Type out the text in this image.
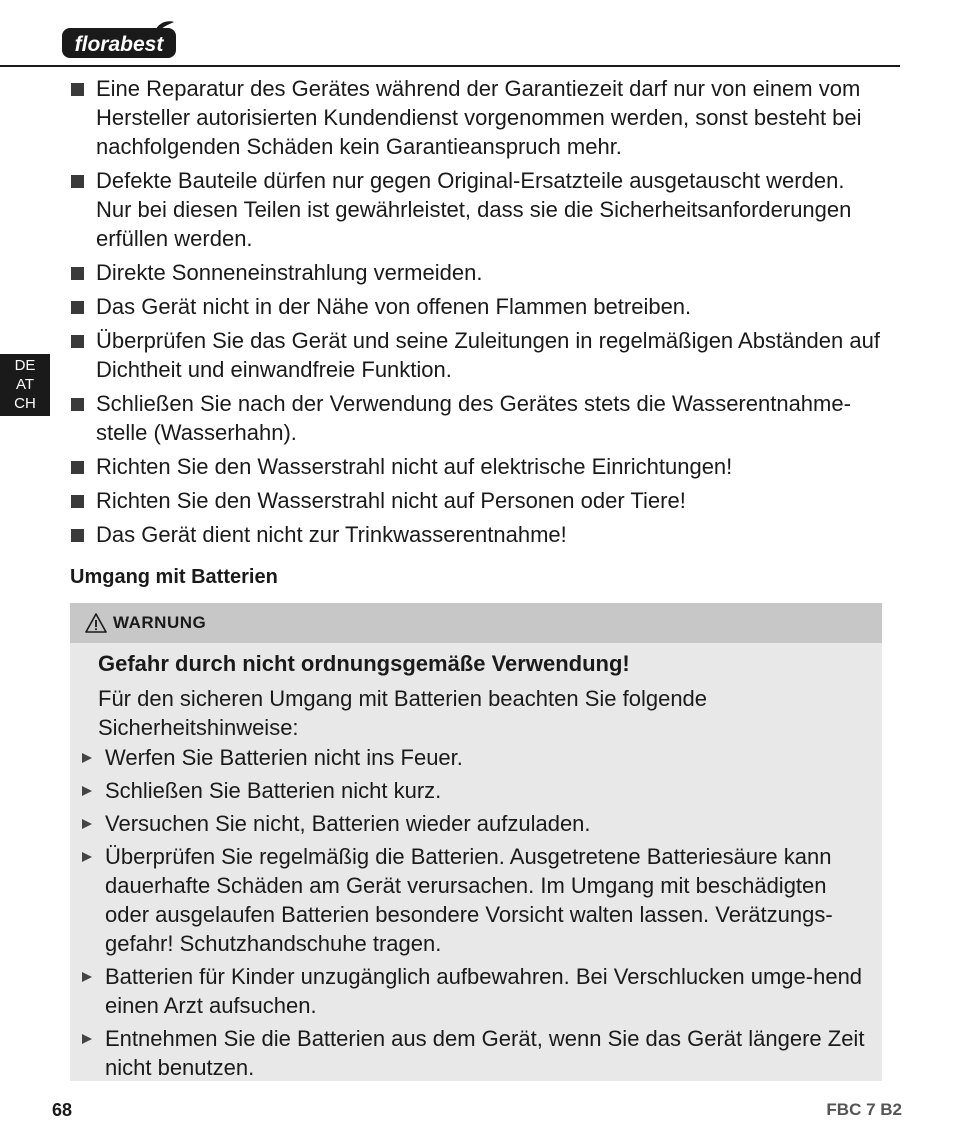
florabest
DE
AT
CH
Eine Reparatur des Gerätes während der Garantiezeit darf nur von einem vom Hersteller autorisierten Kundendienst vorgenommen werden, sonst besteht bei nachfolgenden Schäden kein Garantieanspruch mehr.
Defekte Bauteile dürfen nur gegen Original-Ersatzteile ausgetauscht werden. Nur bei diesen Teilen ist gewährleistet, dass sie die Sicherheitsanforderungen erfüllen werden.
Direkte Sonneneinstrahlung vermeiden.
Das Gerät nicht in der Nähe von offenen Flammen betreiben.
Überprüfen Sie das Gerät und seine Zuleitungen in regelmäßigen Abständen auf Dichtheit und einwandfreie Funktion.
Schließen Sie nach der Verwendung des Gerätes stets die Wasserentnahme-stelle (Wasserhahn).
Richten Sie den Wasserstrahl nicht auf elektrische Einrichtungen!
Richten Sie den Wasserstrahl nicht auf Personen oder Tiere!
Das Gerät dient nicht zur Trinkwasserentnahme!
Umgang mit Batterien
WARNUNG
Gefahr durch nicht ordnungsgemäße Verwendung!
Für den sicheren Umgang mit Batterien beachten Sie folgende Sicherheitshinweise:
Werfen Sie Batterien nicht ins Feuer.
Schließen Sie Batterien nicht kurz.
Versuchen Sie nicht, Batterien wieder aufzuladen.
Überprüfen Sie regelmäßig die Batterien. Ausgetretene Batteriesäure kann dauerhafte Schäden am Gerät verursachen. Im Umgang mit beschädigten oder ausgelaufen Batterien besondere Vorsicht walten lassen. Verätzungs-gefahr! Schutzhandschuhe tragen.
Batterien für Kinder unzugänglich aufbewahren. Bei Verschlucken umge-hend einen Arzt aufsuchen.
Entnehmen Sie die Batterien aus dem Gerät, wenn Sie das Gerät längere Zeit nicht benutzen.
68	FBC 7 B2
